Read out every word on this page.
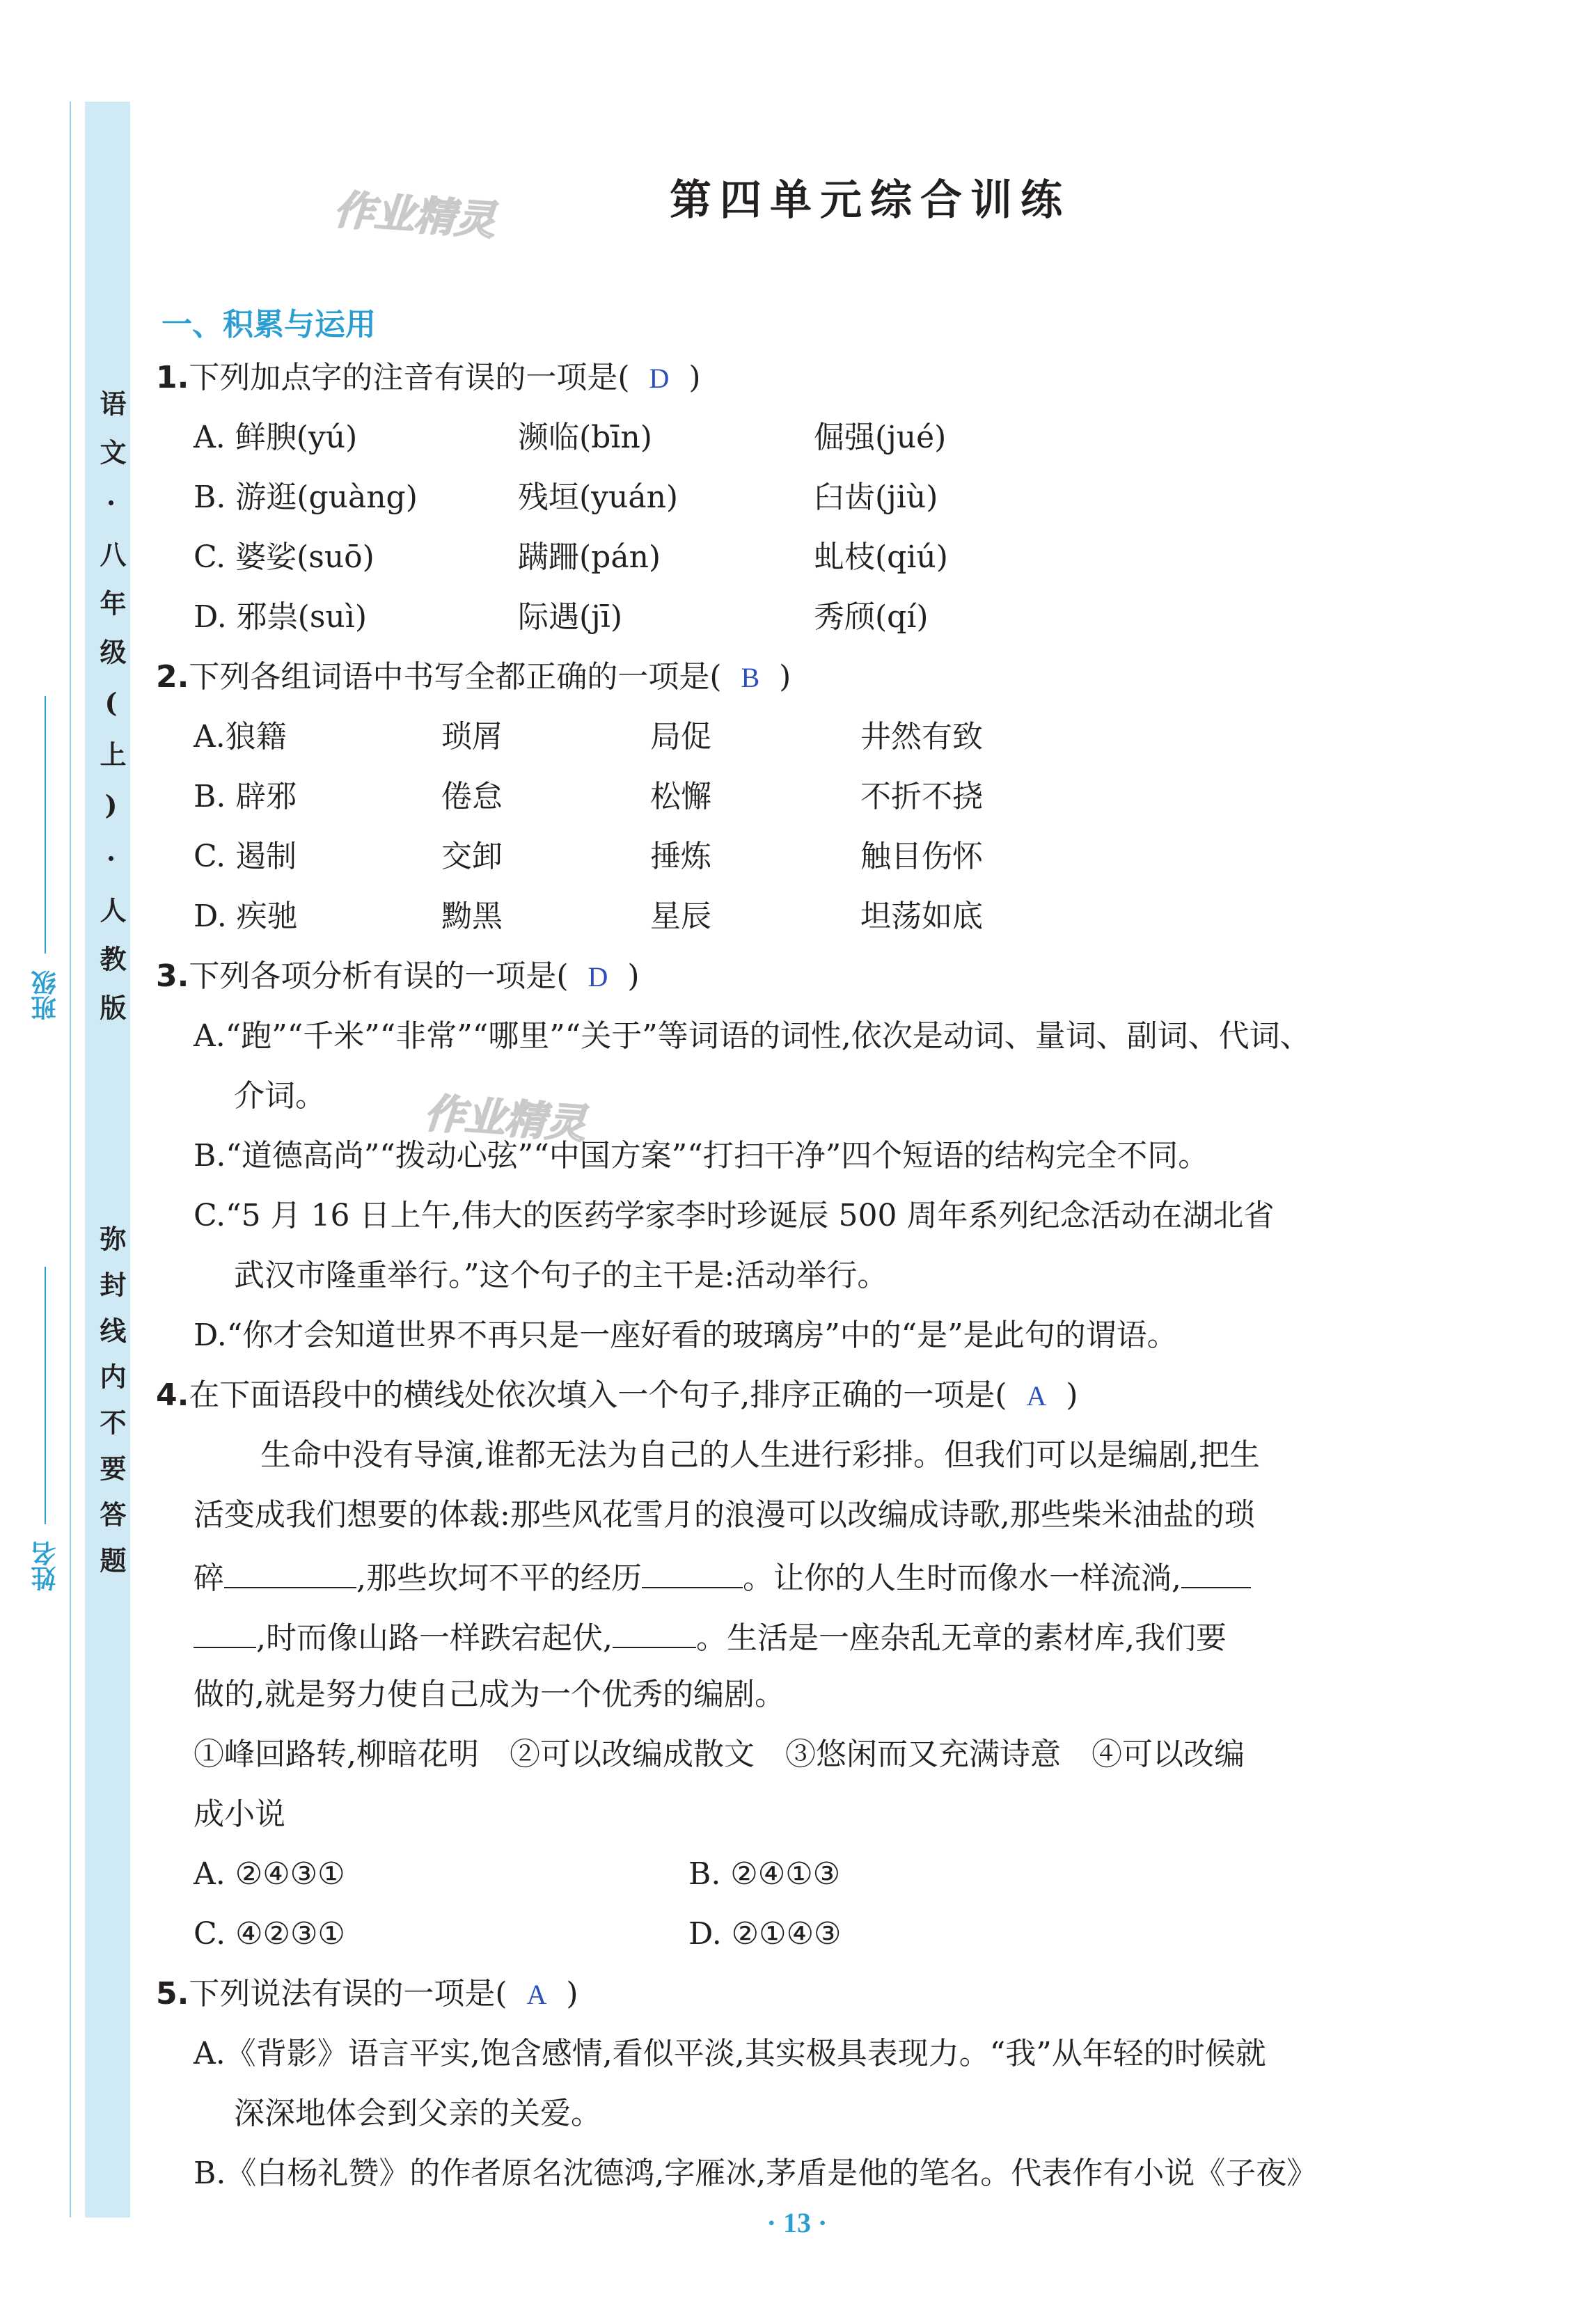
语文·八年级(上)·人教版
弥封线内不要答题
班级
姓名
作业精灵
作业精灵
第四单元综合训练
一、积累与运用
1.下列加点字的注音有误的一项是( D )
A. 鲜腴(yú)	濒临(bīn)	倔强(jué)
B. 游逛(guàng)	残垣(yuán)	臼齿(jiù)
C. 婆娑(suō)	蹒跚(pán)	虬枝(qiú)
D. 邪祟(suì)	际遇(jī)	秀颀(qí)
2.下列各组词语中书写全都正确的一项是( B )
A.狼籍	琐屑	局促	井然有致
B. 辟邪	倦怠	松懈	不折不挠
C. 遏制	交卸	捶炼	触目伤怀
D. 疾驰	黝黑	星辰	坦荡如底
3.下列各项分析有误的一项是( D )
A.“跑”“千米”“非常”“哪里”“关于”等词语的词性,依次是动词、量词、副词、代词、
介词。
B.“道德高尚”“拨动心弦”“中国方案”“打扫干净”四个短语的结构完全不同。
C.“5 月 16 日上午,伟大的医药学家李时珍诞辰 500 周年系列纪念活动在湖北省
武汉市隆重举行。”这个句子的主干是:活动举行。
D.“你才会知道世界不再只是一座好看的玻璃房”中的“是”是此句的谓语。
4.在下面语段中的横线处依次填入一个句子,排序正确的一项是( A )
生命中没有导演,谁都无法为自己的人生进行彩排。但我们可以是编剧,把生
活变成我们想要的体裁:那些风花雪月的浪漫可以改编成诗歌,那些柴米油盐的琐
碎	,那些坎坷不平的经历	。让你的人生时而像水一样流淌,
,时而像山路一样跌宕起伏,	。生活是一座杂乱无章的素材库,我们要
做的,就是努力使自己成为一个优秀的编剧。
①峰回路转,柳暗花明　②可以改编成散文　③悠闲而又充满诗意　④可以改编
成小说
A. ②④③①	B. ②④①③
C. ④②③①	D. ②①④③
5.下列说法有误的一项是( A )
A.《背影》语言平实,饱含感情,看似平淡,其实极具表现力。“我”从年轻的时候就
深深地体会到父亲的关爱。
B.《白杨礼赞》的作者原名沈德鸿,字雁冰,茅盾是他的笔名。代表作有小说《子夜》
· 13 ·
